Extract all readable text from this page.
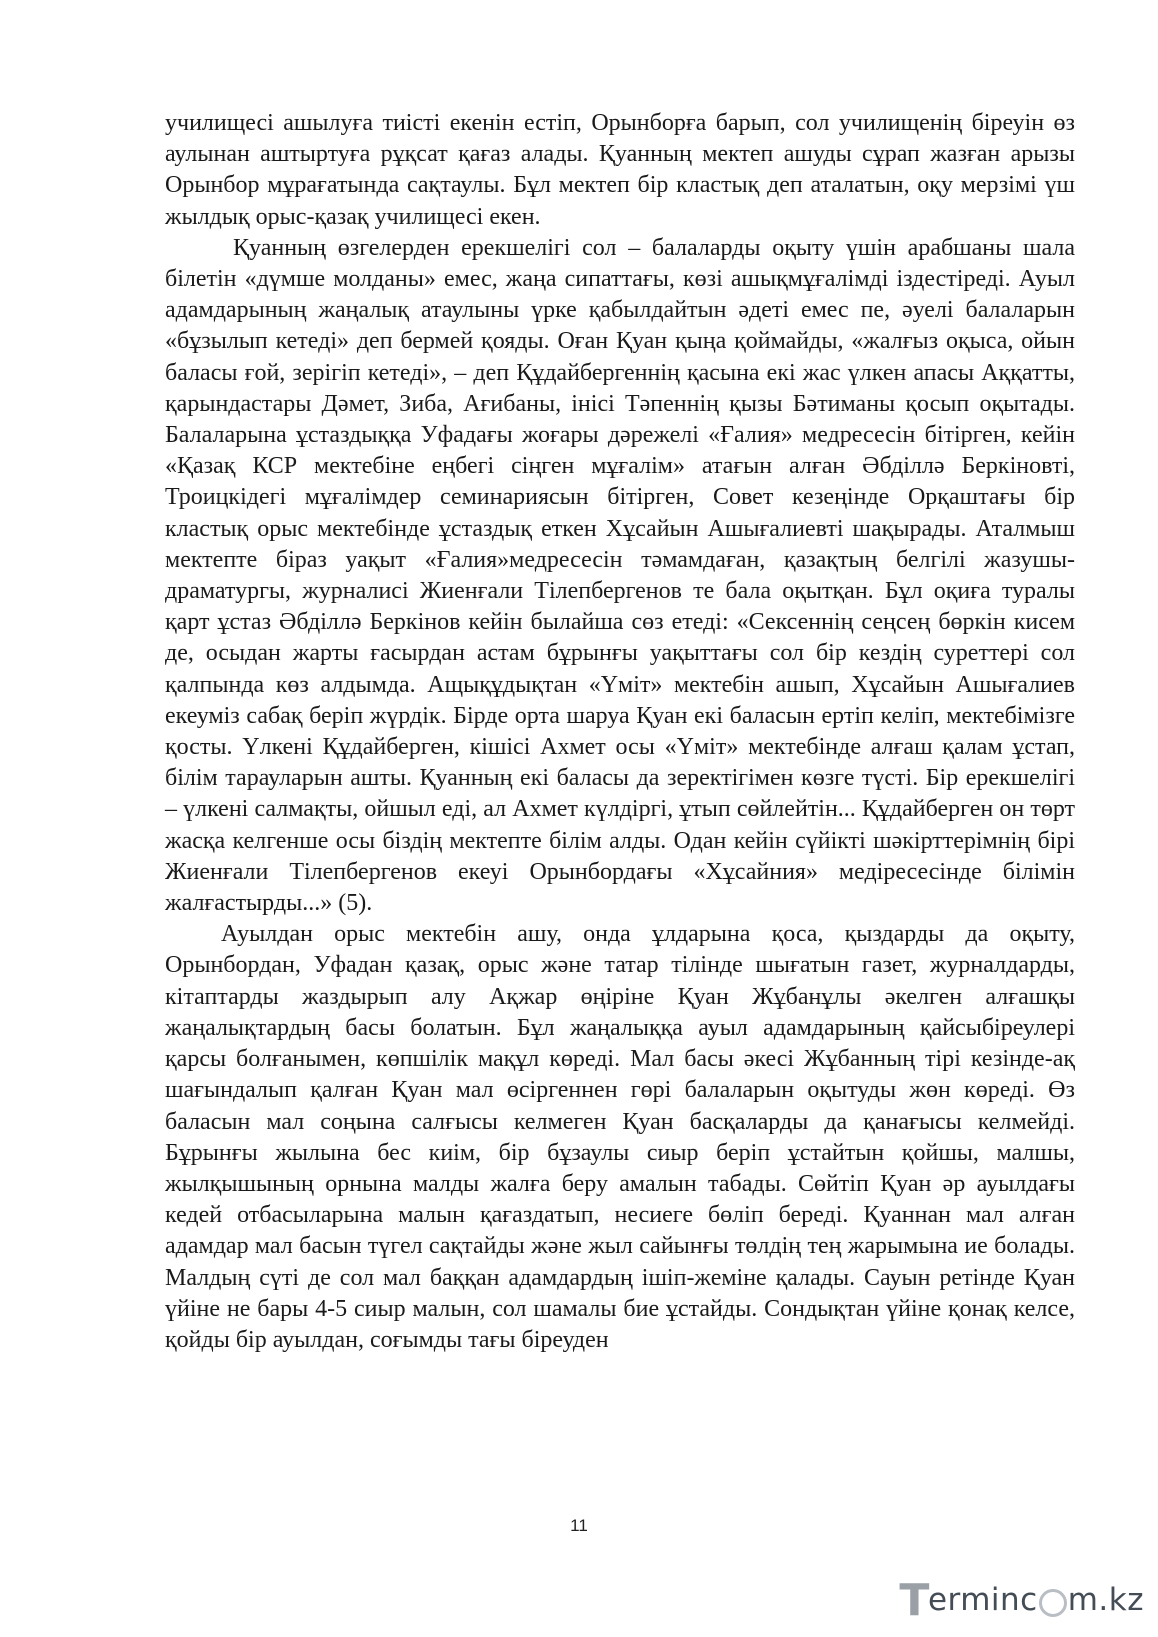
училищесі ашылуға тиісті екенін естіп, Орынборға барып, сол училищенің біреуін өз аулынан аштыртуға рұқсат қағаз алады. Қуанның мектеп ашуды сұрап жазған арызы Орынбор мұрағатында сақтаулы. Бұл мектеп бір кластық деп аталатын, оқу мерзімі үш жылдық орыс-қазақ училищесі екен.

Қуанның өзгелерден ерекшелігі сол – балаларды оқыту үшін арабшаны шала білетін «дүмше молданы» емес, жаңа сипаттағы, көзі ашықмұғалімді іздестіреді. Ауыл адамдарының жаңалық атаулыны үрке қабылдайтын әдеті емес пе, әуелі балаларын «бұзылып кетеді» деп бермей қояды. Оған Қуан қыңа қоймайды, «жалғыз оқыса, ойын баласы ғой, зерігіп кетеді», – деп Құдайбергеннің қасына екі жас үлкен апасы Аққатты, қарындастары Дәмет, Зиба, Ағибаны, інісі Тәпеннің қызы Бәтиманы қосып оқытады. Балаларына ұстаздыққа Уфадағы жоғары дәрежелі «Ғалия» медресесін бітірген, кейін «Қазақ КСР мектебіне еңбегі сіңген мұғалім» атағын алған Әбділлә Беркіновті, Троицкідегі мұғалімдер семинариясын бітірген, Совет кезеңінде Орқаштағы бір кластық орыс мектебінде ұстаздық еткен Хұсайын Ашығалиевті шақырады. Аталмыш мектепте біраз уақыт «Ғалия»медресесін тәмамдаған, қазақтың белгілі жазушы-драматургы, журналисі Жиенғали Тілепбергенов те бала оқытқан. Бұл оқиға туралы қарт ұстаз Әбділлә Беркінов кейін былайша сөз етеді: «Сексеннің сеңсең бөркін кисем де, осыдан жарты ғасырдан астам бұрынғы уақыттағы сол бір кездің суреттері сол қалпында көз алдымда. Ащықұдықтан «Үміт» мектебін ашып, Хұсайын Ашығалиев екеуміз сабақ беріп жүрдік. Бірде орта шаруа Қуан екі баласын ертіп келіп, мектебімізге қосты. Үлкені Құдайберген, кішісі Ахмет осы «Үміт» мектебінде алғаш қалам ұстап, білім тарауларын ашты. Қуанның екі баласы да зеректігімен көзге түсті. Бір ерекшелігі – үлкені салмақты, ойшыл еді, ал Ахмет күлдіргі, ұтып сөйлейтін... Құдайберген он төрт жасқа келгенше осы біздің мектепте білім алды. Одан кейін сүйікті шәкірттерімнің бірі Жиенғали Тілепбергенов екеуі Орынбордағы «Хұсайния» медіресесінде білімін жалғастырды...» (5).

Ауылдан орыс мектебін ашу, онда ұлдарына қоса, қыздарды да оқыту, Орынбордан, Уфадан қазақ, орыс және татар тілінде шығатын газет, журналдарды, кітаптарды жаздырып алу Ақжар өңіріне Қуан Жұбанұлы әкелген алғашқы жаңалықтардың басы болатын. Бұл жаңалыққа ауыл адамдарының қайсыбіреулері қарсы болғанымен, көпшілік мақұл көреді. Мал басы әкесі Жұбанның тірі кезінде-ақ шағындалып қалған Қуан мал өсіргеннен гөрі балаларын оқытуды жөн көреді. Өз баласын мал соңына салғысы келмеген Қуан басқаларды да қанағысы келмейді. Бұрынғы жылына бес киім, бір бұзаулы сиыр беріп ұстайтын қойшы, малшы, жылқышының орнына малды жалға беру амалын табады. Сөйтіп Қуан әр ауылдағы кедей отбасыларына малын қағаздатып, несиеге бөліп береді. Қуаннан мал алған адамдар мал басын түгел сақтайды және жыл сайынғы төлдің тең жарымына ие болады. Малдың сүті де сол мал баққан адамдардың ішіп-жеміне қалады. Сауын ретінде Қуан үйіне не бары 4-5 сиыр малын, сол шамалы бие ұстайды. Сондықтан үйіне қонақ келсе, қойды бір ауылдан, соғымды тағы біреуден

11
T
erminc m.kz
